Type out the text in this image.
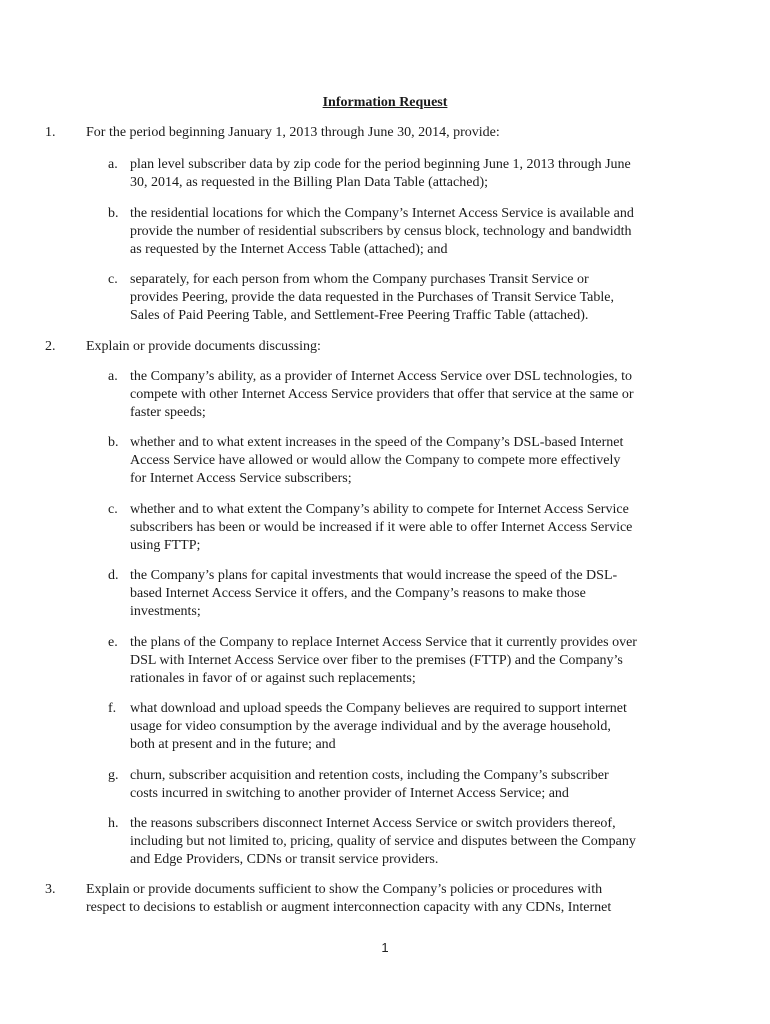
Information Request
1. For the period beginning January 1, 2013 through June 30, 2014, provide:
a. plan level subscriber data by zip code for the period beginning June 1, 2013 through June
30, 2014, as requested in the Billing Plan Data Table (attached);
b. the residential locations for which the Company’s Internet Access Service is available and
provide the number of residential subscribers by census block, technology and bandwidth
as requested by the Internet Access Table (attached); and
c. separately, for each person from whom the Company purchases Transit Service or
provides Peering, provide the data requested in the Purchases of Transit Service Table,
Sales of Paid Peering Table, and Settlement-Free Peering Traffic Table (attached).
2. Explain or provide documents discussing:
a. the Company’s ability, as a provider of Internet Access Service over DSL technologies, to
compete with other Internet Access Service providers that offer that service at the same or
faster speeds;
b. whether and to what extent increases in the speed of the Company’s DSL-based Internet
Access Service have allowed or would allow the Company to compete more effectively
for Internet Access Service subscribers;
c. whether and to what extent the Company’s ability to compete for Internet Access Service
subscribers has been or would be increased if it were able to offer Internet Access Service
using FTTP;
d. the Company’s plans for capital investments that would increase the speed of the DSL-
based Internet Access Service it offers, and the Company’s reasons to make those
investments;
e. the plans of the Company to replace Internet Access Service that it currently provides over
DSL with Internet Access Service over fiber to the premises (FTTP) and the Company’s
rationales in favor of or against such replacements;
f. what download and upload speeds the Company believes are required to support internet
usage for video consumption by the average individual and by the average household,
both at present and in the future; and
g. churn, subscriber acquisition and retention costs, including the Company’s subscriber
costs incurred in switching to another provider of Internet Access Service; and
h. the reasons subscribers disconnect Internet Access Service or switch providers thereof,
including but not limited to, pricing, quality of service and disputes between the Company
and Edge Providers, CDNs or transit service providers.
3. Explain or provide documents sufficient to show the Company’s policies or procedures with
respect to decisions to establish or augment interconnection capacity with any CDNs, Internet
1
